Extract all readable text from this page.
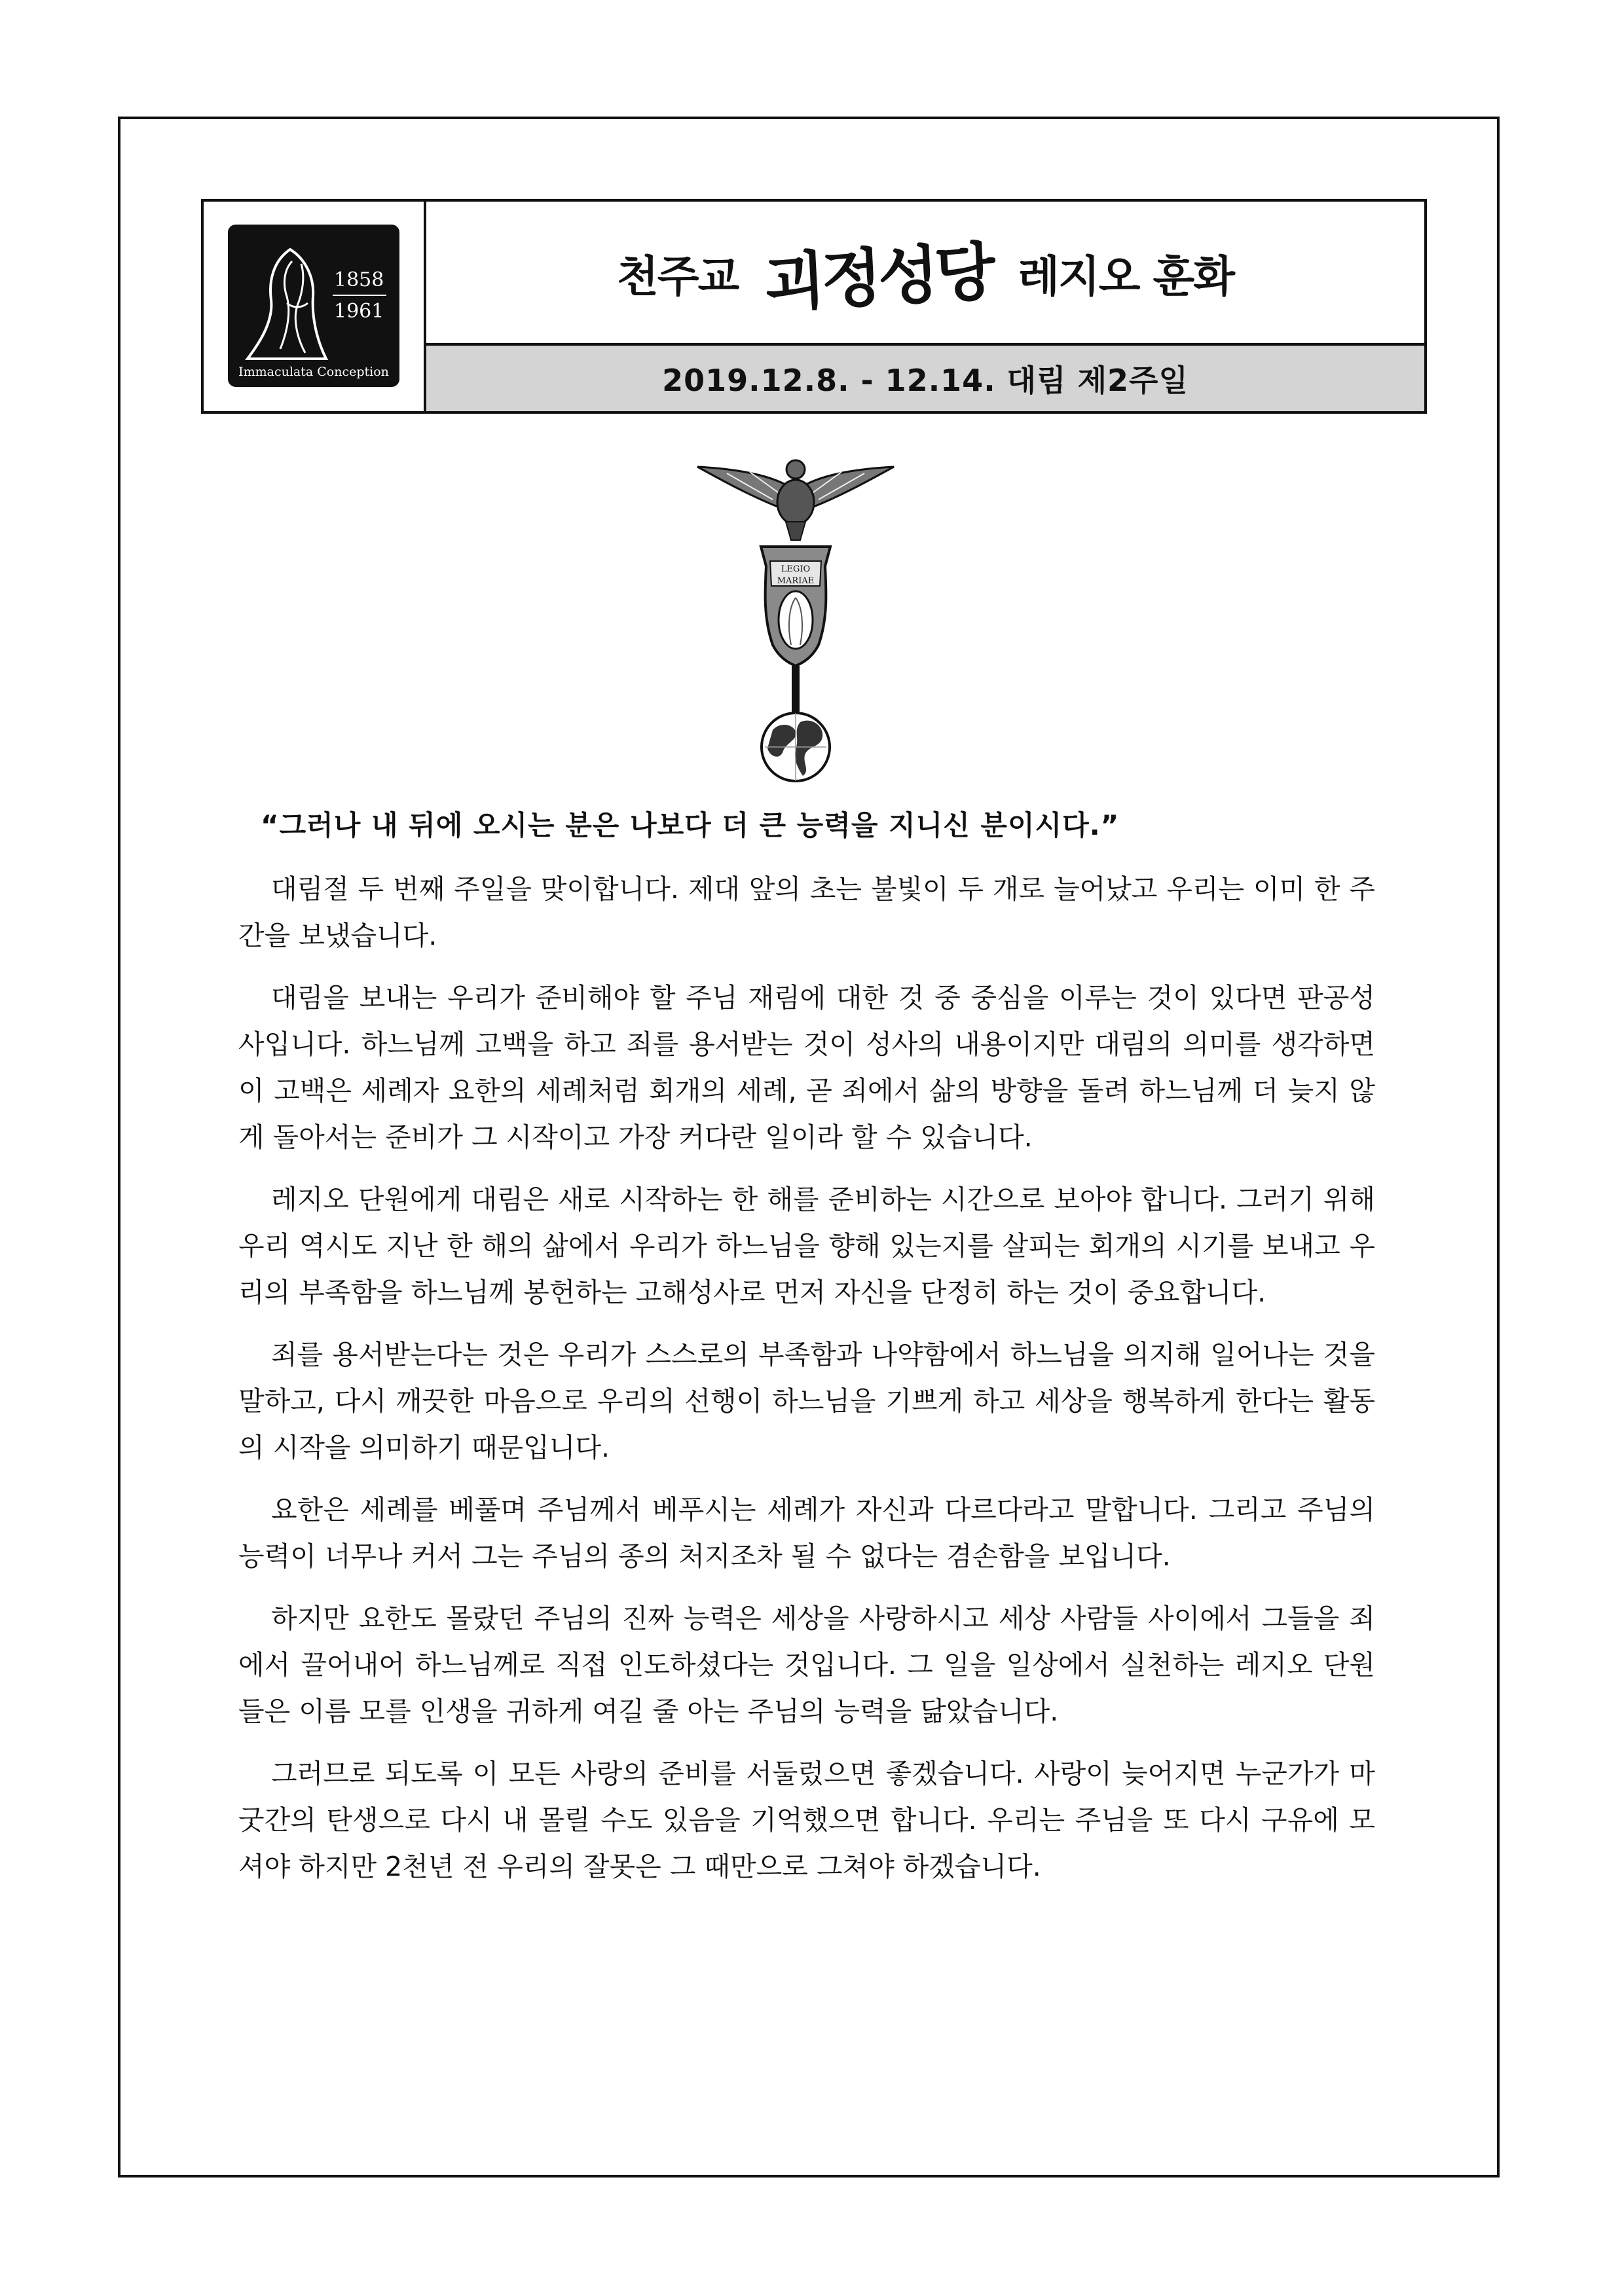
1858
1961
Immaculata Conception
천주교 괴정성당 레지오 훈화
2019.12.8. - 12.14. 대림 제2주일
LEGIO
MARIAE
“그러나 내 뒤에 오시는 분은 나보다 더 큰 능력을 지니신 분이시다.”

대림절 두 번째 주일을 맞이합니다. 제대 앞의 초는 불빛이 두 개로 늘어났고 우리는 이미 한 주간을 보냈습니다.

대림을 보내는 우리가 준비해야 할 주님 재림에 대한 것 중 중심을 이루는 것이 있다면 판공성사입니다. 하느님께 고백을 하고 죄를 용서받는 것이 성사의 내용이지만 대림의 의미를 생각하면 이 고백은 세례자 요한의 세례처럼 회개의 세례, 곧 죄에서 삶의 방향을 돌려 하느님께 더 늦지 않게 돌아서는 준비가 그 시작이고 가장 커다란 일이라 할 수 있습니다.

레지오 단원에게 대림은 새로 시작하는 한 해를 준비하는 시간으로 보아야 합니다. 그러기 위해 우리 역시도 지난 한 해의 삶에서 우리가 하느님을 향해 있는지를 살피는 회개의 시기를 보내고 우리의 부족함을 하느님께 봉헌하는 고해성사로 먼저 자신을 단정히 하는 것이 중요합니다.

죄를 용서받는다는 것은 우리가 스스로의 부족함과 나약함에서 하느님을 의지해 일어나는 것을 말하고, 다시 깨끗한 마음으로 우리의 선행이 하느님을 기쁘게 하고 세상을 행복하게 한다는 활동의 시작을 의미하기 때문입니다.

요한은 세례를 베풀며 주님께서 베푸시는 세례가 자신과 다르다라고 말합니다. 그리고 주님의 능력이 너무나 커서 그는 주님의 종의 처지조차 될 수 없다는 겸손함을 보입니다.

하지만 요한도 몰랐던 주님의 진짜 능력은 세상을 사랑하시고 세상 사람들 사이에서 그들을 죄에서 끌어내어 하느님께로 직접 인도하셨다는 것입니다. 그 일을 일상에서 실천하는 레지오 단원들은 이름 모를 인생을 귀하게 여길 줄 아는 주님의 능력을 닮았습니다.

그러므로 되도록 이 모든 사랑의 준비를 서둘렀으면 좋겠습니다. 사랑이 늦어지면 누군가가 마굿간의 탄생으로 다시 내 몰릴 수도 있음을 기억했으면 합니다. 우리는 주님을 또 다시 구유에 모셔야 하지만 2천년 전 우리의 잘못은 그 때만으로 그쳐야 하겠습니다.
